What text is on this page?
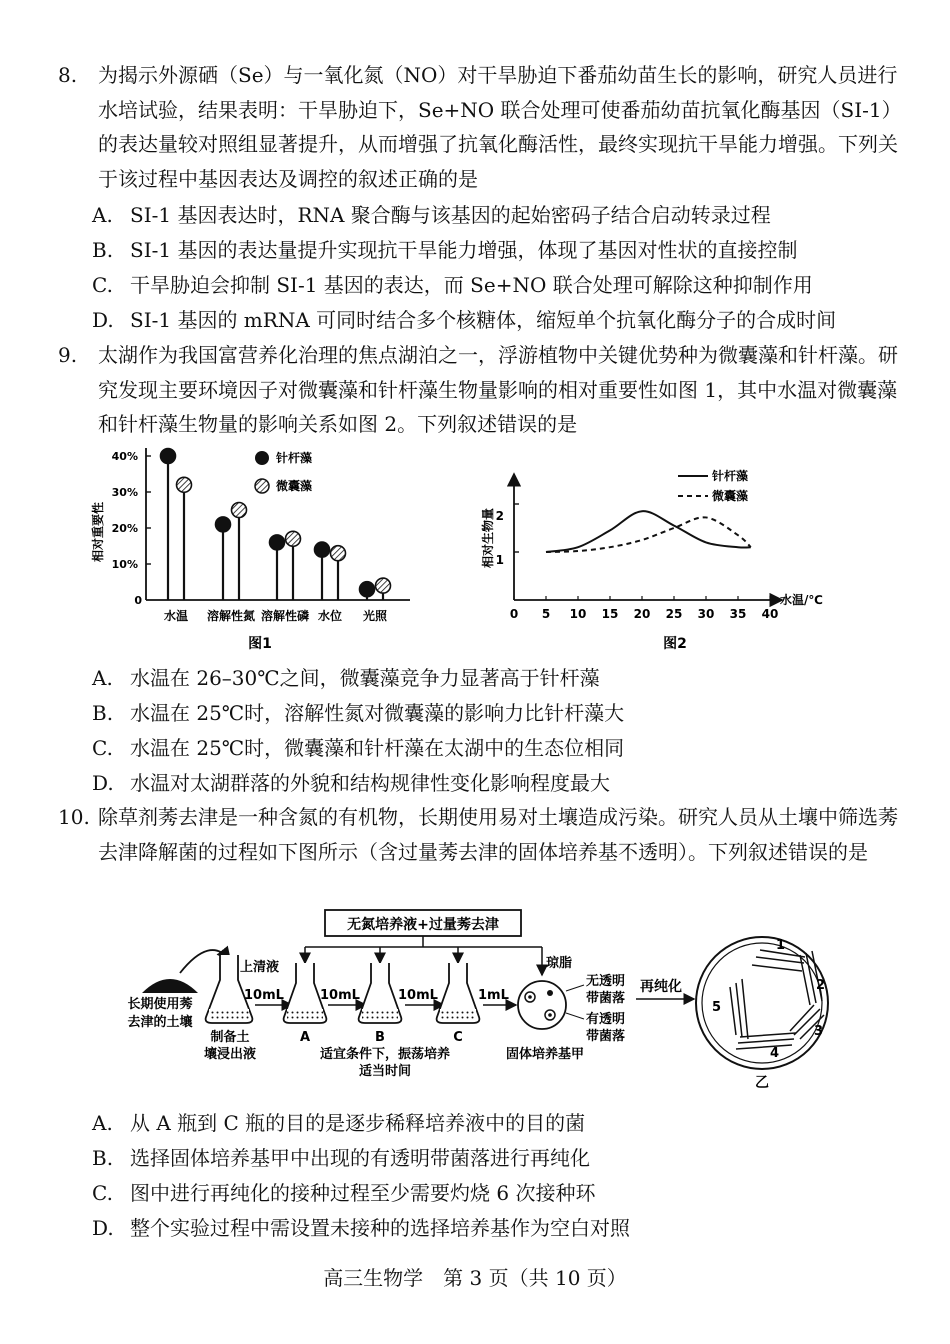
8. 为揭示外源硒（Se）与一氧化氮（NO）对干旱胁迫下番茄幼苗生长的影响，研究人员进行水培试验，结果表明：干旱胁迫下，Se+NO 联合处理可使番茄幼苗抗氧化酶基因（SI-1）的表达量较对照组显著提升，从而增强了抗氧化酶活性，最终实现抗干旱能力增强。下列关于该过程中基因表达及调控的叙述正确的是
A. SI-1 基因表达时，RNA 聚合酶与该基因的起始密码子结合启动转录过程
B. SI-1 基因的表达量提升实现抗干旱能力增强，体现了基因对性状的直接控制
C. 干旱胁迫会抑制 SI-1 基因的表达，而 Se+NO 联合处理可解除这种抑制作用
D. SI-1 基因的 mRNA 可同时结合多个核糖体，缩短单个抗氧化酶分子的合成时间
9. 太湖作为我国富营养化治理的焦点湖泊之一，浮游植物中关键优势种为微囊藻和针杆藻。研究发现主要环境因子对微囊藻和针杆藻生物量影响的相对重要性如图 1，其中水温对微囊藻和针杆藻生物量的影响关系如图 2。下列叙述错误的是
相对重要性
40%
30%
20%
10%
0
针杆藻
微囊藻
水温 溶解性氮 溶解性磷 水位 光照
图1
相对生物量 2
1
0 5 10 15 20 25 30 35 40
针杆藻
微囊藻
水温/℃
图2
A. 水温在 26–30℃之间，微囊藻竞争力显著高于针杆藻
B. 水温在 25℃时，溶解性氮对微囊藻的影响力比针杆藻大
C. 水温在 25℃时，微囊藻和针杆藻在太湖中的生态位相同
D. 水温对太湖群落的外貌和结构规律性变化影响程度最大
10. 除草剂莠去津是一种含氮的有机物，长期使用易对土壤造成污染。研究人员从土壤中筛选莠去津降解菌的过程如下图所示（含过量莠去津的固体培养基不透明）。下列叙述错误的是
无氮培养液+过量莠去津
琼脂
长期使用莠
去津的土壤
上清液
10mL
制备土
壤浸出液
A
10mL
B
10mL
C
1mL
适宜条件下，振荡培养
适当时间
固体培养基甲
无透明
带菌落
有透明
带菌落
再纯化
1
2
3
4
5
乙
A. 从 A 瓶到 C 瓶的目的是逐步稀释培养液中的目的菌
B. 选择固体培养基甲中出现的有透明带菌落进行再纯化
C. 图中进行再纯化的接种过程至少需要灼烧 6 次接种环
D. 整个实验过程中需设置未接种的选择培养基作为空白对照
高三生物学　第 3 页（共 10 页）
